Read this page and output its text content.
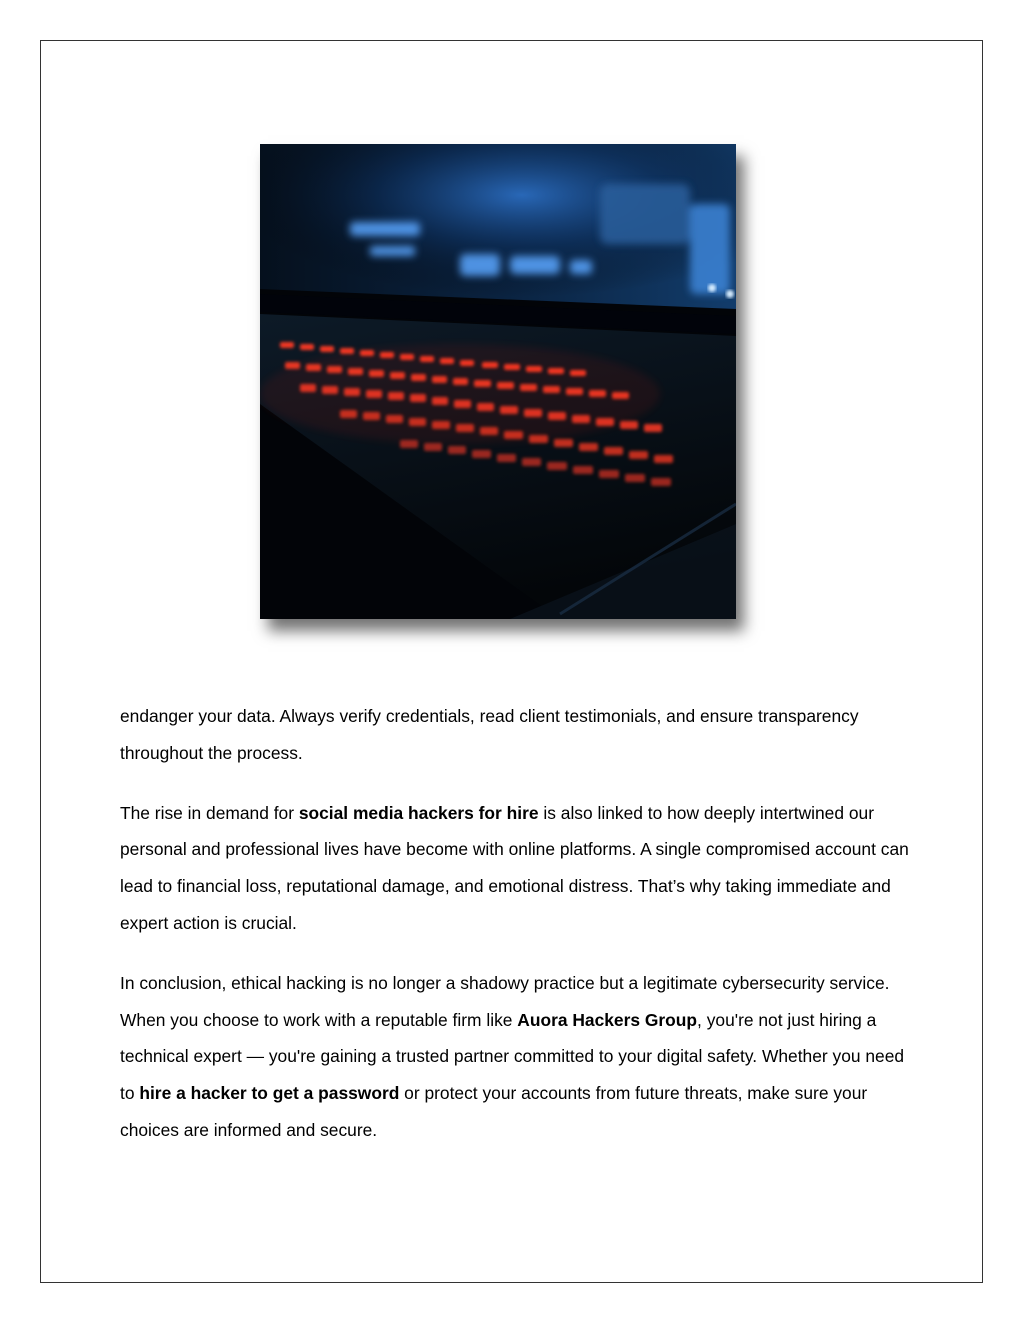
endanger your data. Always verify credentials, read client testimonials, and ensure transparency throughout the process.

The rise in demand for social media hackers for hire is also linked to how deeply intertwined our personal and professional lives have become with online platforms. A single compromised account can lead to financial loss, reputational damage, and emotional distress. That’s why taking immediate and expert action is crucial.

In conclusion, ethical hacking is no longer a shadowy practice but a legitimate cybersecurity service. When you choose to work with a reputable firm like Auora Hackers Group, you're not just hiring a technical expert — you're gaining a trusted partner committed to your digital safety. Whether you need to hire a hacker to get a password or protect your accounts from future threats, make sure your choices are informed and secure.
